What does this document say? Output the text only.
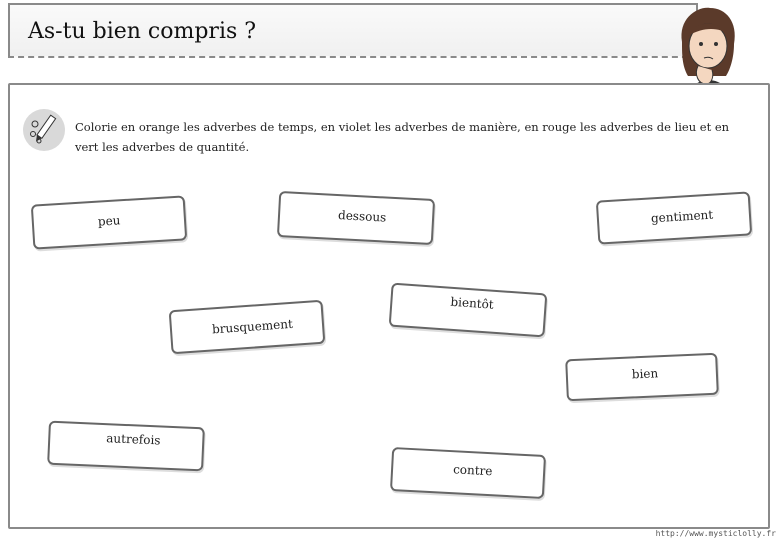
As-tu bien compris ?
Colorie en orange les adverbes de temps, en violet les adverbes de manière, en rouge les adverbes de lieu et en vert les adverbes de quantité.
peu	dessous	gentiment
brusquement
bientôt
bien
autrefois
contre
http://www.mysticlolly.fr
